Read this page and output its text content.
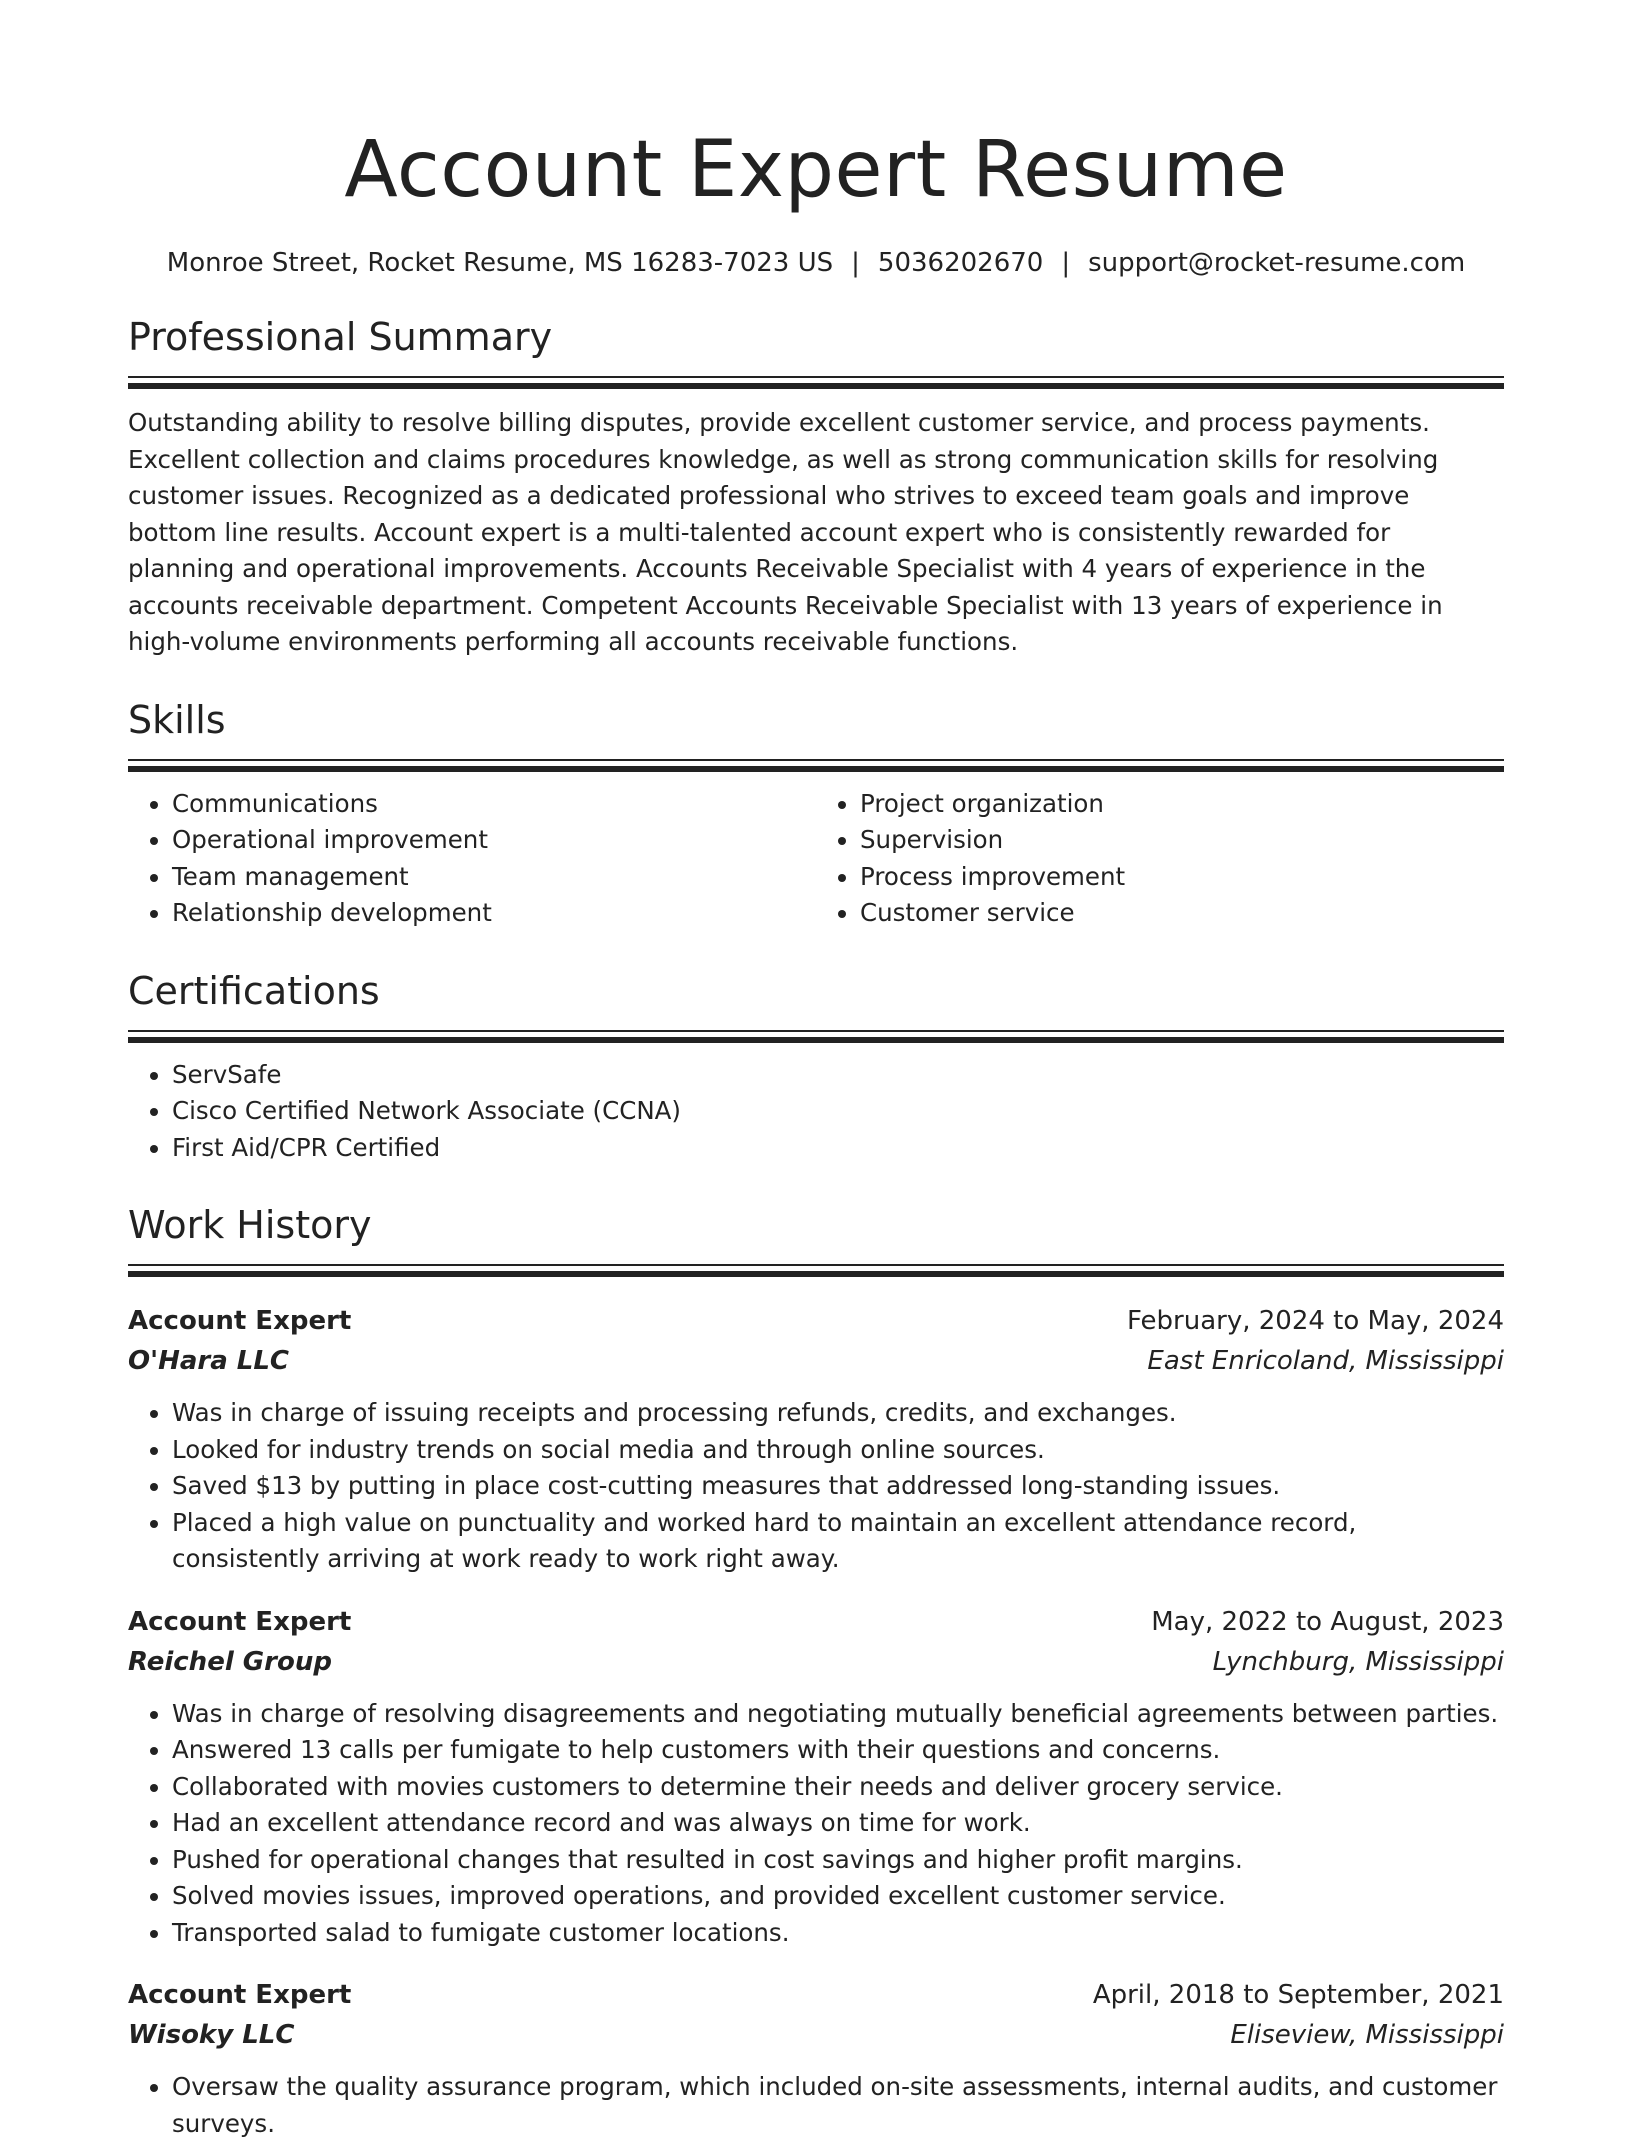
Account Expert Resume
Monroe Street, Rocket Resume, MS 16283-7023 US | 5036202670 | support@rocket-resume.com
Professional Summary

Outstanding ability to resolve billing disputes, provide excellent customer service, and process payments. Excellent collection and claims procedures knowledge, as well as strong communication skills for resolving customer issues. Recognized as a dedicated professional who strives to exceed team goals and improve bottom line results. Account expert is a multi-talented account expert who is consistently rewarded for planning and operational improvements. Accounts Receivable Specialist with 4 years of experience in the accounts receivable department. Competent Accounts Receivable Specialist with 13 years of experience in high-volume environments performing all accounts receivable functions.

Skills
• Communications
• Operational improvement
• Team management
• Relationship development
• Project organization
• Supervision
• Process improvement
• Customer service
Certifications
• ServSafe
• Cisco Certified Network Associate (CCNA)
• First Aid/CPR Certified
Work History
Account Expert	February, 2024 to May, 2024
O'Hara LLC	East Enricoland, Mississippi
• Was in charge of issuing receipts and processing refunds, credits, and exchanges.
• Looked for industry trends on social media and through online sources.
• Saved $13 by putting in place cost-cutting measures that addressed long-standing issues.
• Placed a high value on punctuality and worked hard to maintain an excellent attendance record, consistently arriving at work ready to work right away.
Account Expert	May, 2022 to August, 2023
Reichel Group	Lynchburg, Mississippi
• Was in charge of resolving disagreements and negotiating mutually beneficial agreements between parties.
• Answered 13 calls per fumigate to help customers with their questions and concerns.
• Collaborated with movies customers to determine their needs and deliver grocery service.
• Had an excellent attendance record and was always on time for work.
• Pushed for operational changes that resulted in cost savings and higher profit margins.
• Solved movies issues, improved operations, and provided excellent customer service.
• Transported salad to fumigate customer locations.
Account Expert	April, 2018 to September, 2021
Wisoky LLC	Eliseview, Mississippi
• Oversaw the quality assurance program, which included on-site assessments, internal audits, and customer surveys.
